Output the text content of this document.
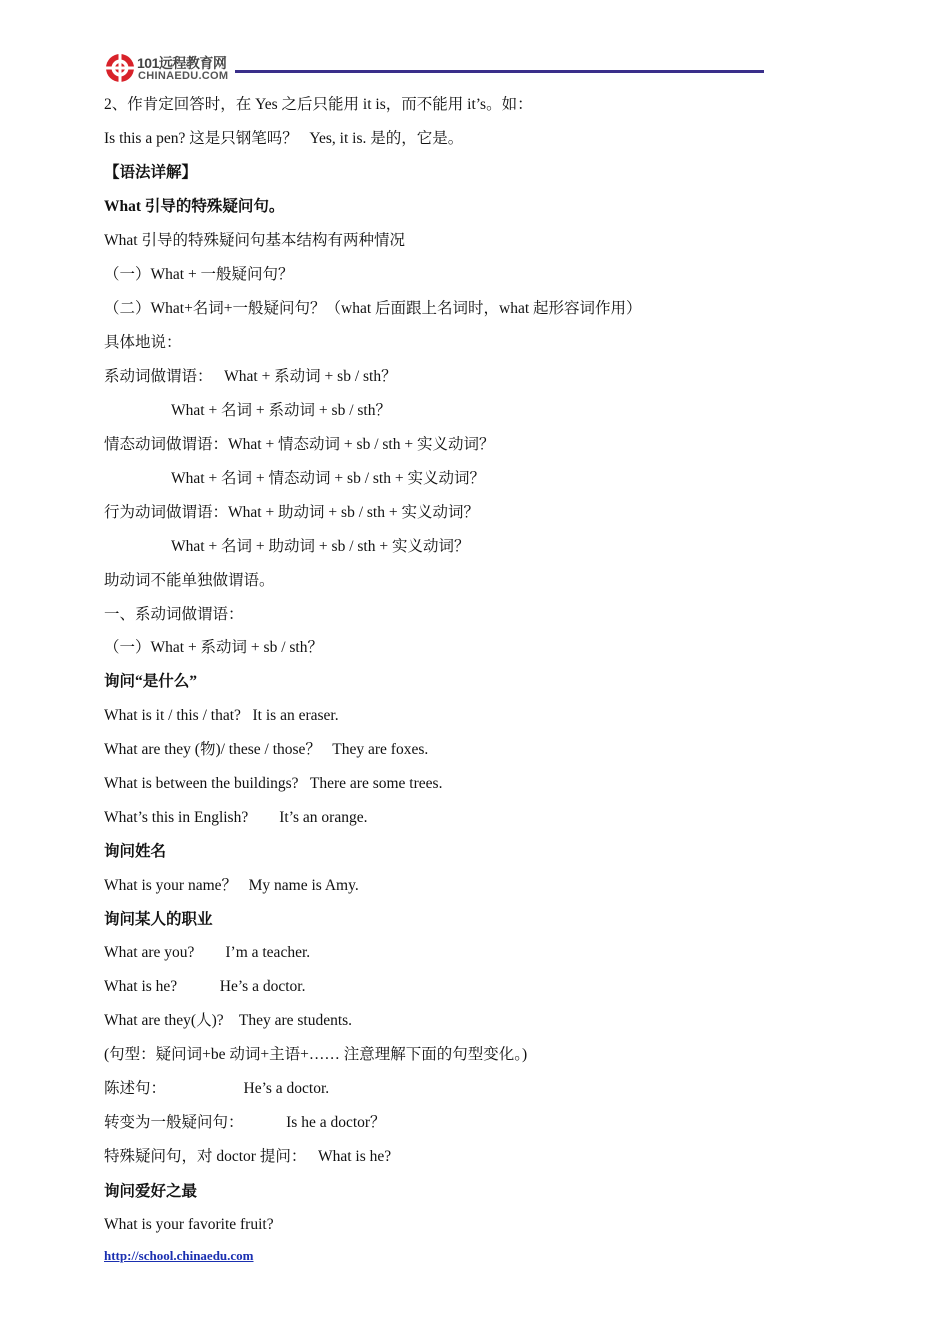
101远程教育网
CHINAEDU.COM
2、作肯定回答时，在 Yes 之后只能用 it is，而不能用 it’s。如：
Is this a pen? 这是只钢笔吗？   Yes, it is. 是的，它是。
【语法详解】
What 引导的特殊疑问句。
What 引导的特殊疑问句基本结构有两种情况
（一）What + 一般疑问句？
（二）What+名词+一般疑问句？（what 后面跟上名词时，what 起形容词作用）
具体地说：
系动词做谓语：   What + 系动词 + sb / sth？
What + 名词 + 系动词 + sb / sth？
情态动词做谓语：What + 情态动词 + sb / sth + 实义动词？
What + 名词 + 情态动词 + sb / sth + 实义动词？
行为动词做谓语：What + 助动词 + sb / sth + 实义动词？
What + 名词 + 助动词 + sb / sth + 实义动词？
助动词不能单独做谓语。
一、系动词做谓语：
（一）What + 系动词 + sb / sth？
询问“是什么”
What is it / this / that?   It is an eraser.
What are they (物)/ these / those？   They are foxes.
What is between the buildings?   There are some trees.
What’s this in English?        It’s an orange.
询问姓名
What is your name？   My name is Amy.
询问某人的职业
What are you?        I’m a teacher.
What is he?           He’s a doctor.
What are they(人)?    They are students.
(句型：疑问词+be 动词+主语+…… 注意理解下面的句型变化。)
陈述句：                    He’s a doctor.
转变为一般疑问句：           Is he a doctor？
特殊疑问句，对 doctor 提问：   What is he?
询问爱好之最
What is your favorite fruit?
http://school.chinaedu.com
